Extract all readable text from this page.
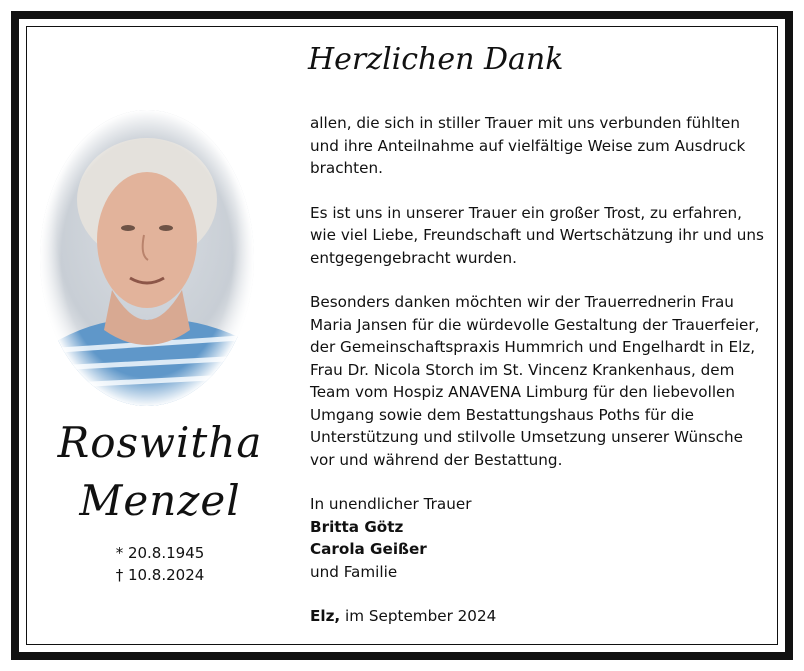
Roswitha
Menzel
* 20.8.1945
† 10.8.2024
Herzlichen Dank

allen, die sich in stiller Trauer mit uns verbunden fühlten und ihre Anteilnahme auf vielfältige Weise zum Ausdruck brachten.

Es ist uns in unserer Trauer ein großer Trost, zu erfahren, wie viel Liebe, Freundschaft und Wertschätzung ihr und uns entgegengebracht wurden.

Besonders danken möchten wir der Trauerrednerin Frau Maria Jansen für die würdevolle Gestaltung der Trauerfeier, der Gemeinschaftspraxis Hummrich und Engelhardt in Elz, Frau Dr. Nicola Storch im St. Vincenz Krankenhaus, dem Team vom Hospiz ANAVENA Limburg für den liebevollen Umgang sowie dem Bestattungshaus Poths für die Unterstützung und stilvolle Umsetzung unserer Wünsche vor und während der Bestattung.

In unendlicher Trauer
Britta Götz
Carola Geißer
und Familie
Elz, im September 2024
